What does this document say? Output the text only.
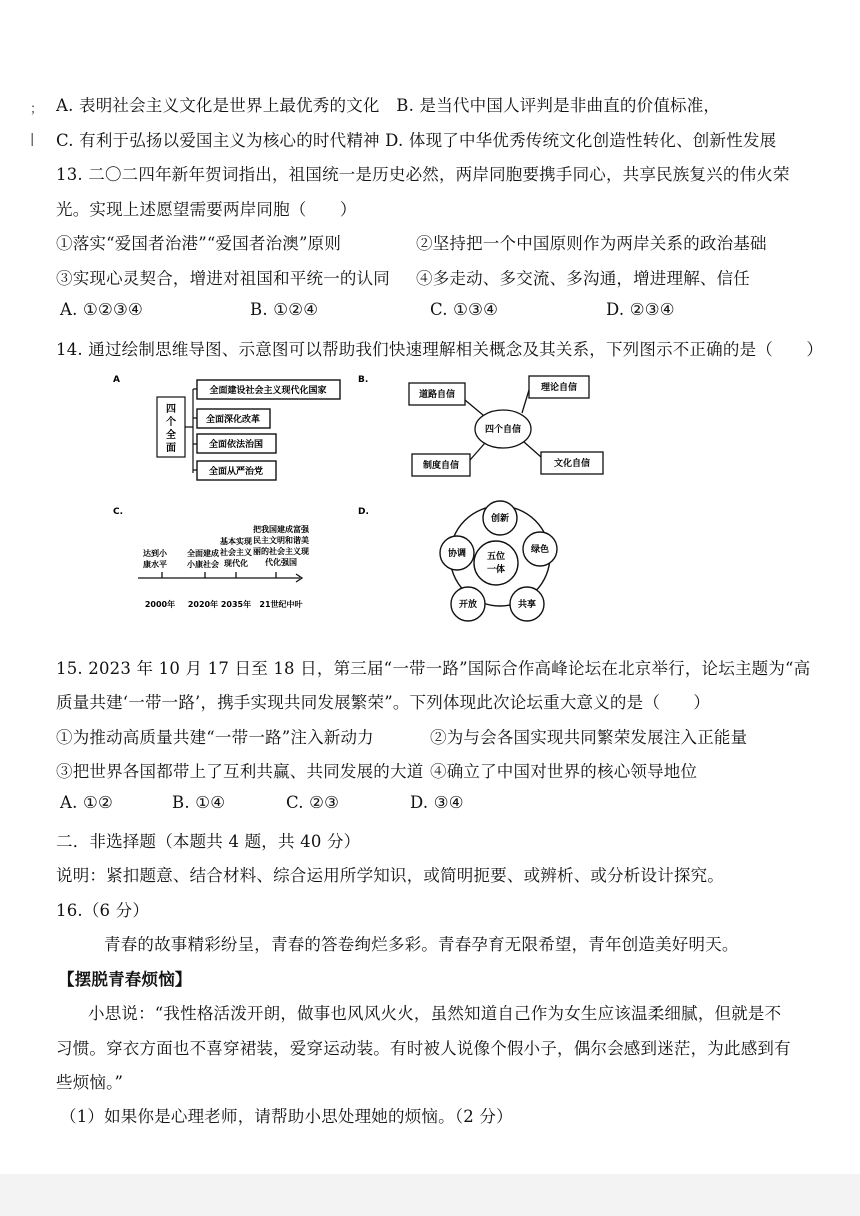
；
|
A. 表明社会主义文化是世界上最优秀的文化　B. 是当代中国人评判是非曲直的价值标准，
C. 有利于弘扬以爱国主义为核心的时代精神 D. 体现了中华优秀传统文化创造性转化、创新性发展
13. 二〇二四年新年贺词指出，祖国统一是历史必然，两岸同胞要携手同心，共享民族复兴的伟火荣
光。实现上述愿望需要两岸同胞（　　）
①落实“爱国者治港”“爱国者治澳”原则	②坚持把一个中国原则作为两岸关系的政治基础
③实现心灵契合，增进对祖国和平统一的认同 ④多走动、多交流、多沟通，增进理解、信任
A. ①②③④	B. ①②④	C. ①③④	D. ②③④
14. 通过绘制思维导图、示意图可以帮助我们快速理解相关概念及其关系，下列图示不正确的是（　　）
A
四
个
全
面
全面建设社会主义现代化国家
全面深化改革
全面依法治国
全面从严治党
B.
四个自信
道路自信
理论自信
制度自信	文化自信
C.
达到小
康水平
全面建成
小康社会
基本实现
社会主义
现代化
把我国建成富强
民主文明和谐美
丽的社会主义现
代化强国
2000年 2020年 2035年 21世纪中叶
D.
五位
一体
创新
绿色
共享
开放
协调
15. 2023 年 10 月 17 日至 18 日，第三届“一带一路”国际合作高峰论坛在北京举行，论坛主题为“高
质量共建‘一带一路’，携手实现共同发展繁荣”。下列体现此次论坛重大意义的是（　　）
①为推动高质量共建“一带一路”注入新动力	②为与会各国实现共同繁荣发展注入正能量
③把世界各国都带上了互利共赢、共同发展的大道 ④确立了中国对世界的核心领导地位
A. ①②	B. ①④	C. ②③	D. ③④
二．非选择题（本题共 4 题，共 40 分）
说明：紧扣题意、结合材料、综合运用所学知识，或简明扼要、或辨析、或分析设计探究。
16.（6 分）
青春的故事精彩纷呈，青春的答卷绚烂多彩。青春孕育无限希望，青年创造美好明天。
【摆脱青春烦恼】
小思说：“我性格活泼开朗，做事也风风火火，虽然知道自己作为女生应该温柔细腻，但就是不
习惯。穿衣方面也不喜穿裙装，爱穿运动装。有时被人说像个假小子，偶尔会感到迷茫，为此感到有
些烦恼。”
（1）如果你是心理老师，请帮助小思处理她的烦恼。（2 分）
